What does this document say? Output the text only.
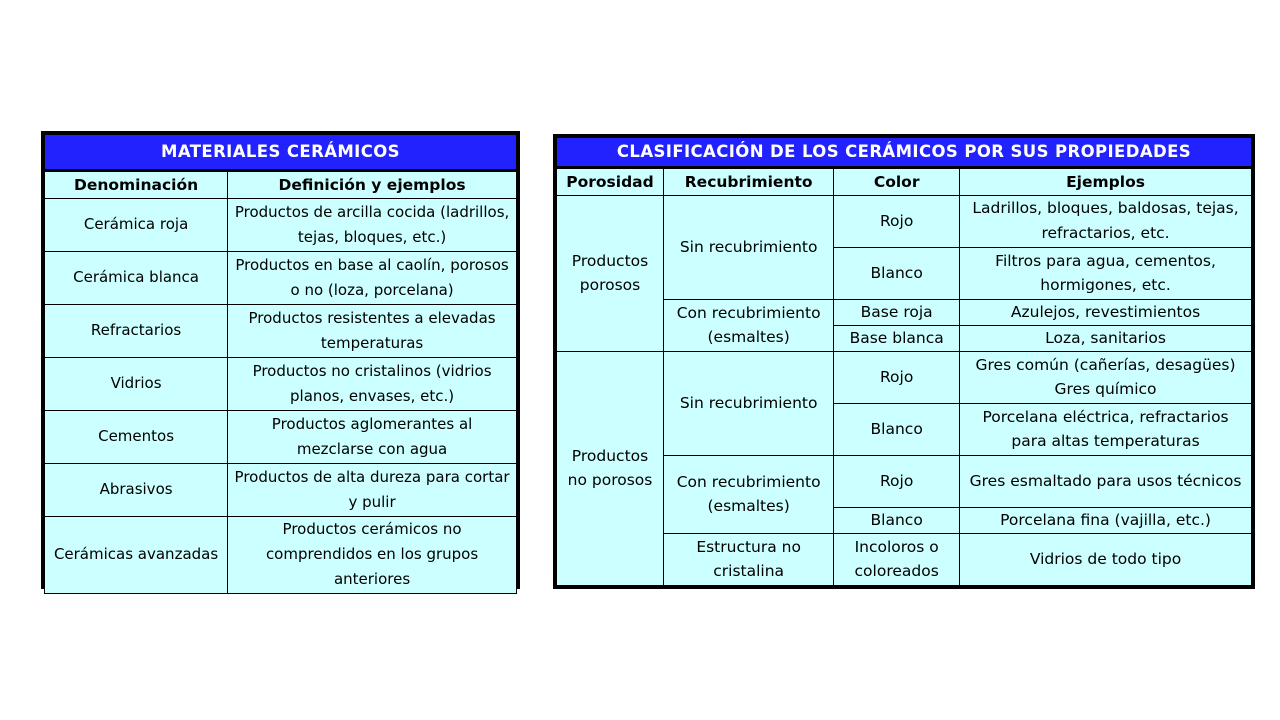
MATERIALES CERÁMICOS	
Denominación	Definición y ejemplos
Cerámica roja	Productos de arcilla cocida (ladrillos, tejas, bloques, etc.)
Cerámica blanca	Productos en base al caolín, porosos o no (loza, porcelana)
Refractarios	Productos resistentes a elevadas temperaturas
Vidrios	Productos no cristalinos (vidrios planos, envases, etc.)
Cementos	Productos aglomerantes al mezclarse con agua
Abrasivos	Productos de alta dureza para cortar y pulir
Cerámicas avanzadas	Productos cerámicos no comprendidos en los grupos anteriores
CLASIFICACIÓN DE LOS CERÁMICOS POR SUS PROPIEDADES			
Porosidad	Recubrimiento	Color	Ejemplos
Productos porosos	Sin recubrimiento	Rojo	Ladrillos, bloques, baldosas, tejas, refractarios, etc.
		Blanco	Filtros para agua, cementos, hormigones, etc.
	Con recubrimiento (esmaltes)	Base roja	Azulejos, revestimientos
		Base blanca	Loza, sanitarios
Productos no porosos	Sin recubrimiento	Rojo	Gres común (cañerías, desagües) Gres químico
		Blanco	Porcelana eléctrica, refractarios para altas temperaturas
	Con recubrimiento (esmaltes)	Rojo	Gres esmaltado para usos técnicos
		Blanco	Porcelana fina (vajilla, etc.)
	Estructura no cristalina	Incoloros o coloreados	Vidrios de todo tipo
